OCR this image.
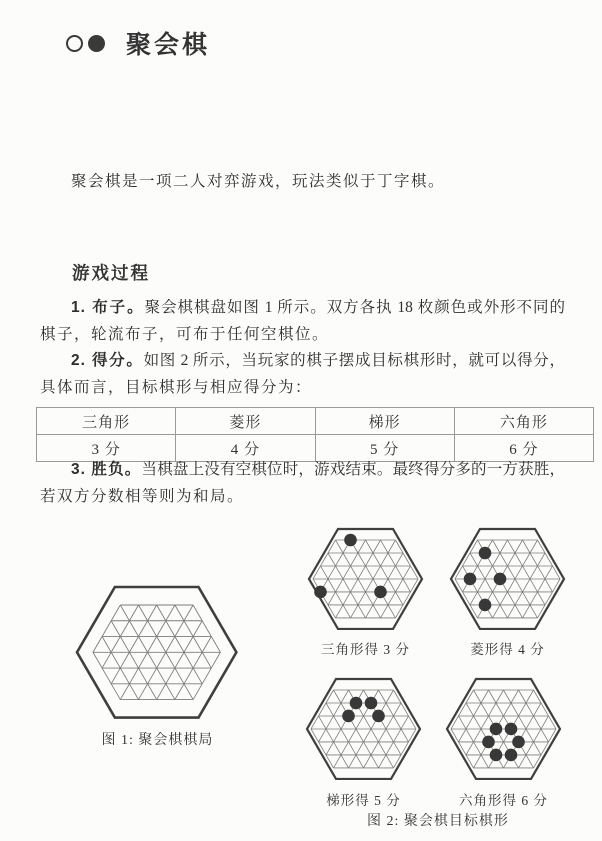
聚会棋

聚会棋是一项二人对弈游戏，玩法类似于丁字棋。

游戏过程
1. 布子。聚会棋棋盘如图 1 所示。双方各执 18 枚颜色或外形不同的
棋子，轮流布子，可布于任何空棋位。
2. 得分。如图 2 所示，当玩家的棋子摆成目标棋形时，就可以得分，
具体而言，目标棋形与相应得分为：
三角形	菱形	梯形	六角形
3 分	4 分	5 分	6 分
3. 胜负。当棋盘上没有空棋位时，游戏结束。最终得分多的一方获胜，
若双方分数相等则为和局。
图 1: 聚会棋棋局
三角形得 3 分	菱形得 4 分
梯形得 5 分	六角形得 6 分
图 2: 聚会棋目标棋形
